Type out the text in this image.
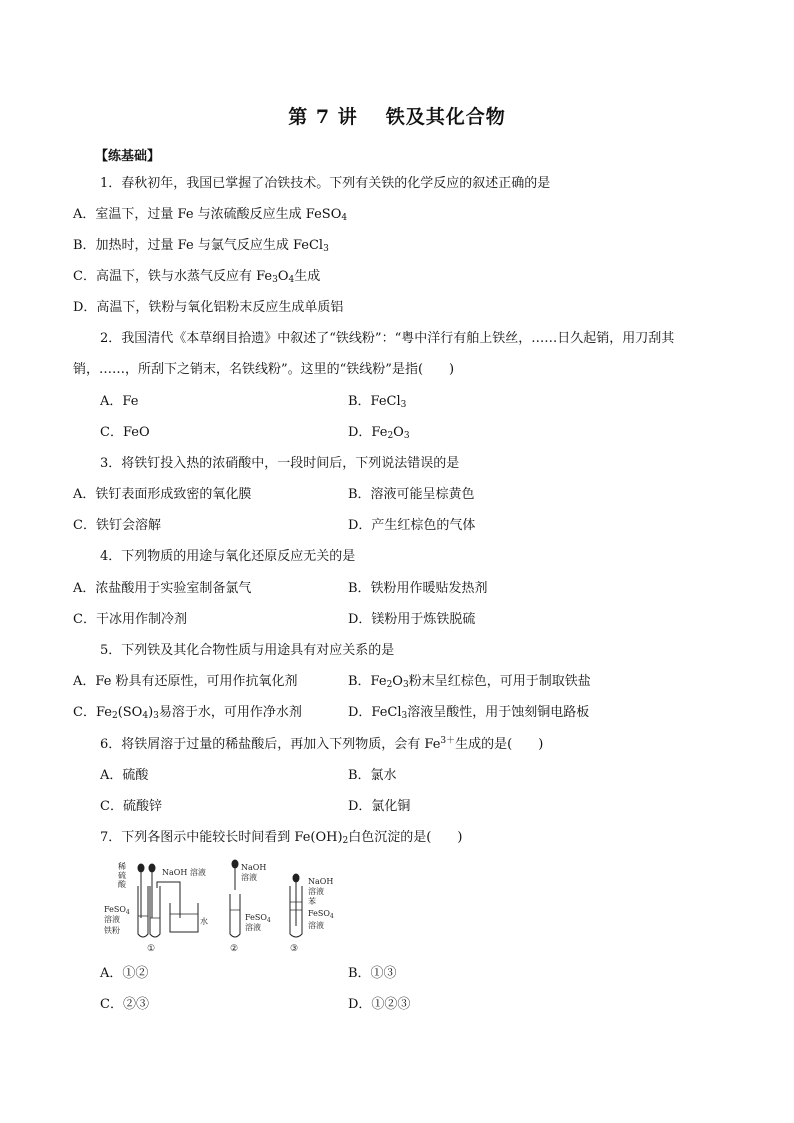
第 7 讲 铁及其化合物
【练基础】
1．春秋初年，我国已掌握了冶铁技术。下列有关铁的化学反应的叙述正确的是
A．室温下，过量 Fe 与浓硫酸反应生成 FeSO$_4$
B．加热时，过量 Fe 与氯气反应生成 FeCl$_3$
C．高温下，铁与水蒸气反应有 $Fe_3O_4$生成
D．高温下，铁粉与氧化铝粉末反应生成单质铝
2．我国清代《本草纲目拾遗》中叙述了“铁线粉”：“粤中洋行有舶上铁丝，……日久起销，用刀刮其
销，……，所刮下之销末，名铁线粉”。这里的“铁线粉”是指(　　)
A．Fe	B．FeCl$_3$
C．FeO	D．$Fe_2O_3$
3．将铁钉投入热的浓硝酸中，一段时间后，下列说法错误的是
A．铁钉表面形成致密的氧化膜	B．溶液可能呈棕黄色
C．铁钉会溶解	D．产生红棕色的气体
4．下列物质的用途与氧化还原反应无关的是
A．浓盐酸用于实验室制备氯气	B．铁粉用作暖贴发热剂
C．干冰用作制冷剂	D．镁粉用于炼铁脱硫
5．下列铁及其化合物性质与用途具有对应关系的是
A．Fe 粉具有还原性，可用作抗氧化剂	B．$Fe_2O_3$粉末呈红棕色，可用于制取铁盐
C．$Fe_2(SO_4)_3$易溶于水，可用作净水剂	D．FeCl$_3$溶液呈酸性，用于蚀刻铜电路板
6．将铁屑溶于过量的稀盐酸后，再加入下列物质，会有 $Fe^{3+}$生成的是(　　)
A．硫酸	B．氯水
C．硫酸锌	D．氯化铜
7．下列各图示中能较长时间看到 $Fe(OH)_2$白色沉淀的是(　　)
稀
硫
酸
NaOH 溶液
FeSO$_4$
溶液
铁粉
水
①
NaOH
溶液
FeSO$_4$
溶液
②
NaOH
溶液
苯
FeSO$_4$
溶液
③
A．①②	B．①③
C．②③	D．①②③
